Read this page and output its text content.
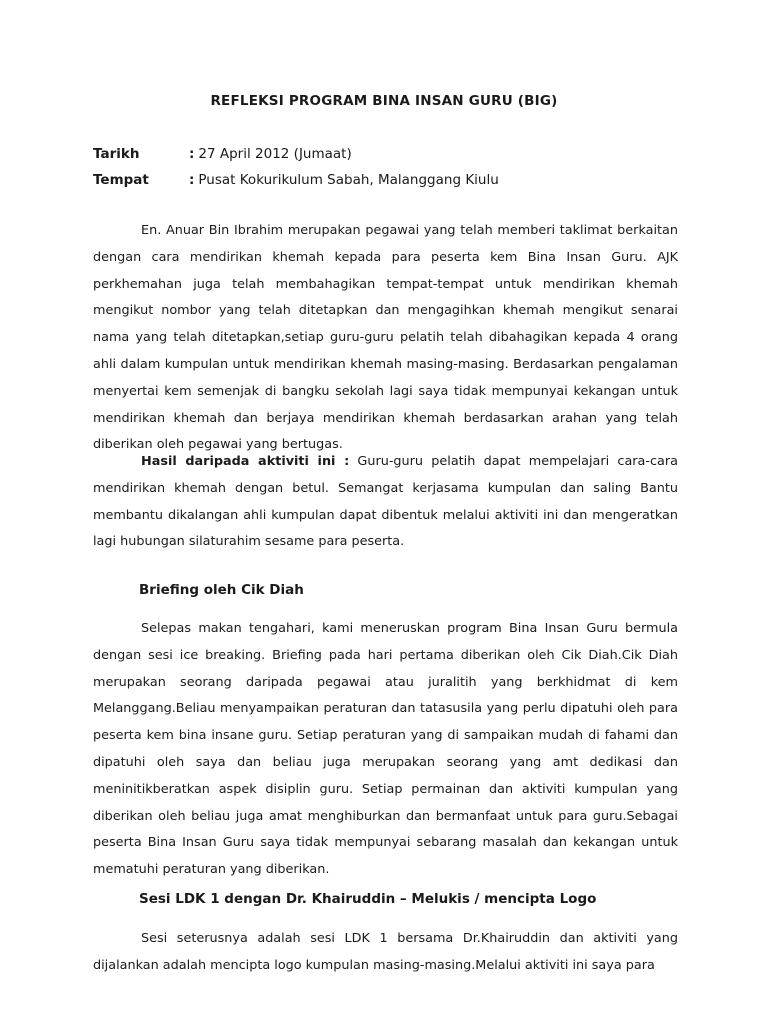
REFLEKSI PROGRAM BINA INSAN GURU (BIG)
Tarikh	: 27 April 2012 (Jumaat)
Tempat	: Pusat Kokurikulum Sabah, Malanggang Kiulu

En. Anuar Bin Ibrahim merupakan pegawai yang telah memberi taklimat berkaitan dengan cara mendirikan khemah kepada para peserta kem Bina Insan Guru. AJK perkhemahan juga telah membahagikan tempat-tempat untuk mendirikan khemah mengikut nombor yang telah ditetapkan dan mengagihkan khemah mengikut senarai nama yang telah ditetapkan,setiap guru-guru pelatih telah dibahagikan kepada 4 orang ahli dalam kumpulan untuk mendirikan khemah masing-masing. Berdasarkan pengalaman menyertai kem semenjak di bangku sekolah lagi saya tidak mempunyai kekangan untuk mendirikan khemah dan berjaya mendirikan khemah berdasarkan arahan yang telah diberikan oleh pegawai yang bertugas.

Hasil daripada aktiviti ini : Guru-guru pelatih dapat mempelajari cara-cara mendirikan khemah dengan betul. Semangat kerjasama kumpulan dan saling Bantu membantu dikalangan ahli kumpulan dapat dibentuk melalui aktiviti ini dan mengeratkan lagi hubungan silaturahim sesame para peserta.

Briefing oleh Cik Diah

Selepas makan tengahari, kami meneruskan program Bina Insan Guru bermula dengan sesi ice breaking. Briefing pada hari pertama diberikan oleh Cik Diah.Cik Diah merupakan seorang daripada pegawai atau juralitih yang berkhidmat di kem Melanggang.Beliau menyampaikan peraturan dan tatasusila yang perlu dipatuhi oleh para peserta kem bina insane guru. Setiap peraturan yang di sampaikan mudah di fahami dan dipatuhi oleh saya dan beliau juga merupakan seorang yang amt dedikasi dan meninitikberatkan aspek disiplin guru. Setiap permainan dan aktiviti kumpulan yang diberikan oleh beliau juga amat menghiburkan dan bermanfaat untuk para guru.Sebagai peserta Bina Insan Guru saya tidak mempunyai sebarang masalah dan kekangan untuk mematuhi peraturan yang diberikan.

Sesi LDK 1 dengan Dr. Khairuddin – Melukis / mencipta Logo

Sesi seterusnya adalah sesi LDK 1 bersama Dr.Khairuddin dan aktiviti yang dijalankan adalah mencipta logo kumpulan masing-masing.Melalui aktiviti ini saya para
